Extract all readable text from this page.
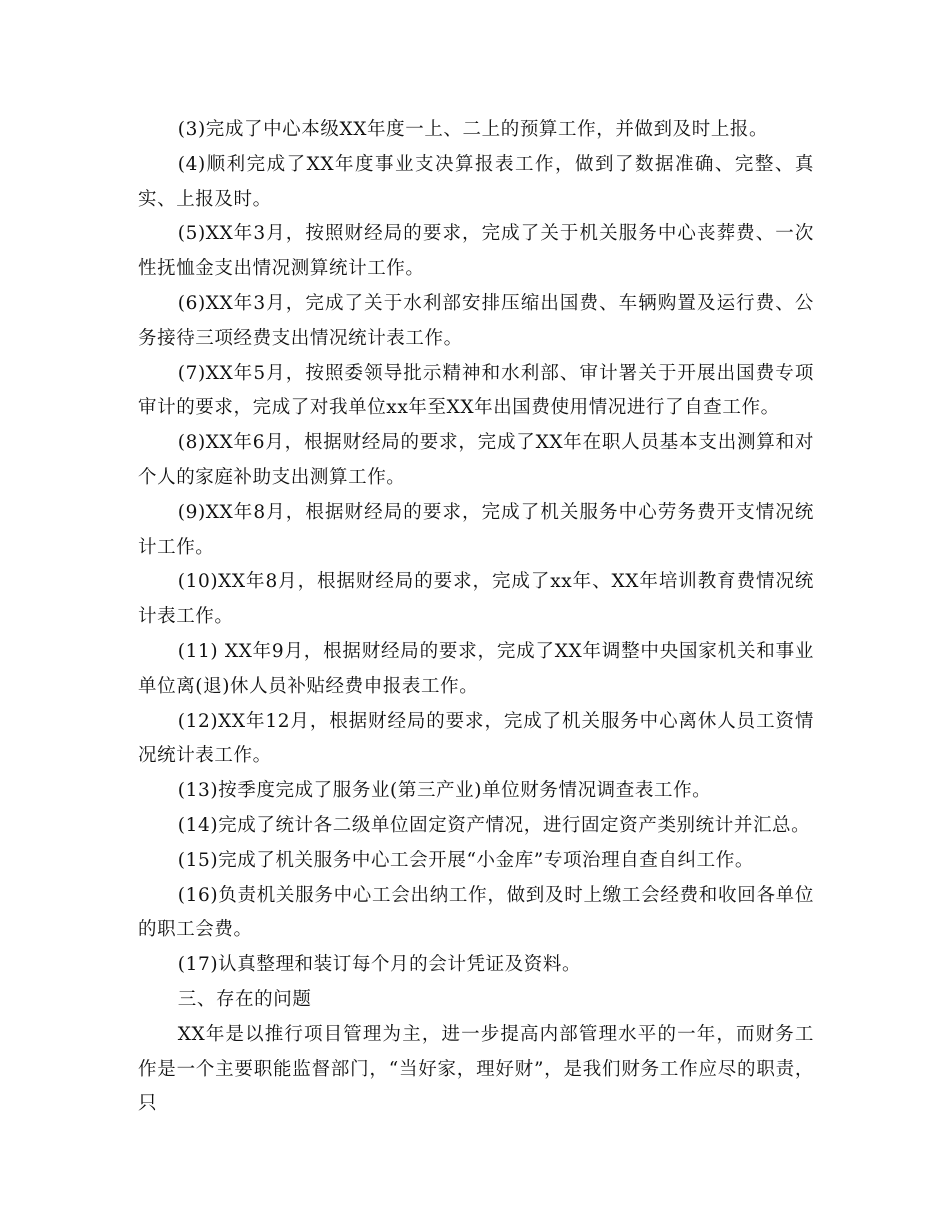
(3)完成了中心本级XX年度一上、二上的预算工作，并做到及时上报。

(4)顺利完成了XX年度事业支决算报表工作，做到了数据准确、完整、真实、上报及时。

(5)XX年3月，按照财经局的要求，完成了关于机关服务中心丧葬费、一次性抚恤金支出情况测算统计工作。

(6)XX年3月，完成了关于水利部安排压缩出国费、车辆购置及运行费、公务接待三项经费支出情况统计表工作。

(7)XX年5月，按照委领导批示精神和水利部、审计署关于开展出国费专项审计的要求，完成了对我单位xx年至XX年出国费使用情况进行了自查工作。

(8)XX年6月，根据财经局的要求，完成了XX年在职人员基本支出测算和对个人的家庭补助支出测算工作。

(9)XX年8月，根据财经局的要求，完成了机关服务中心劳务费开支情况统计工作。

(10)XX年8月，根据财经局的要求，完成了xx年、XX年培训教育费情况统计表工作。

(11) XX年9月，根据财经局的要求，完成了XX年调整中央国家机关和事业单位离(退)休人员补贴经费申报表工作。

(12)XX年12月，根据财经局的要求，完成了机关服务中心离休人员工资情况统计表工作。

(13)按季度完成了服务业(第三产业)单位财务情况调查表工作。

(14)完成了统计各二级单位固定资产情况，进行固定资产类别统计并汇总。

(15)完成了机关服务中心工会开展“小金库”专项治理自查自纠工作。

(16)负责机关服务中心工会出纳工作，做到及时上缴工会经费和收回各单位的职工会费。

(17)认真整理和装订每个月的会计凭证及资料。

三、存在的问题

XX年是以推行项目管理为主，进一步提高内部管理水平的一年，而财务工作是一个主要职能监督部门，“当好家，理好财”，是我们财务工作应尽的职责，只
